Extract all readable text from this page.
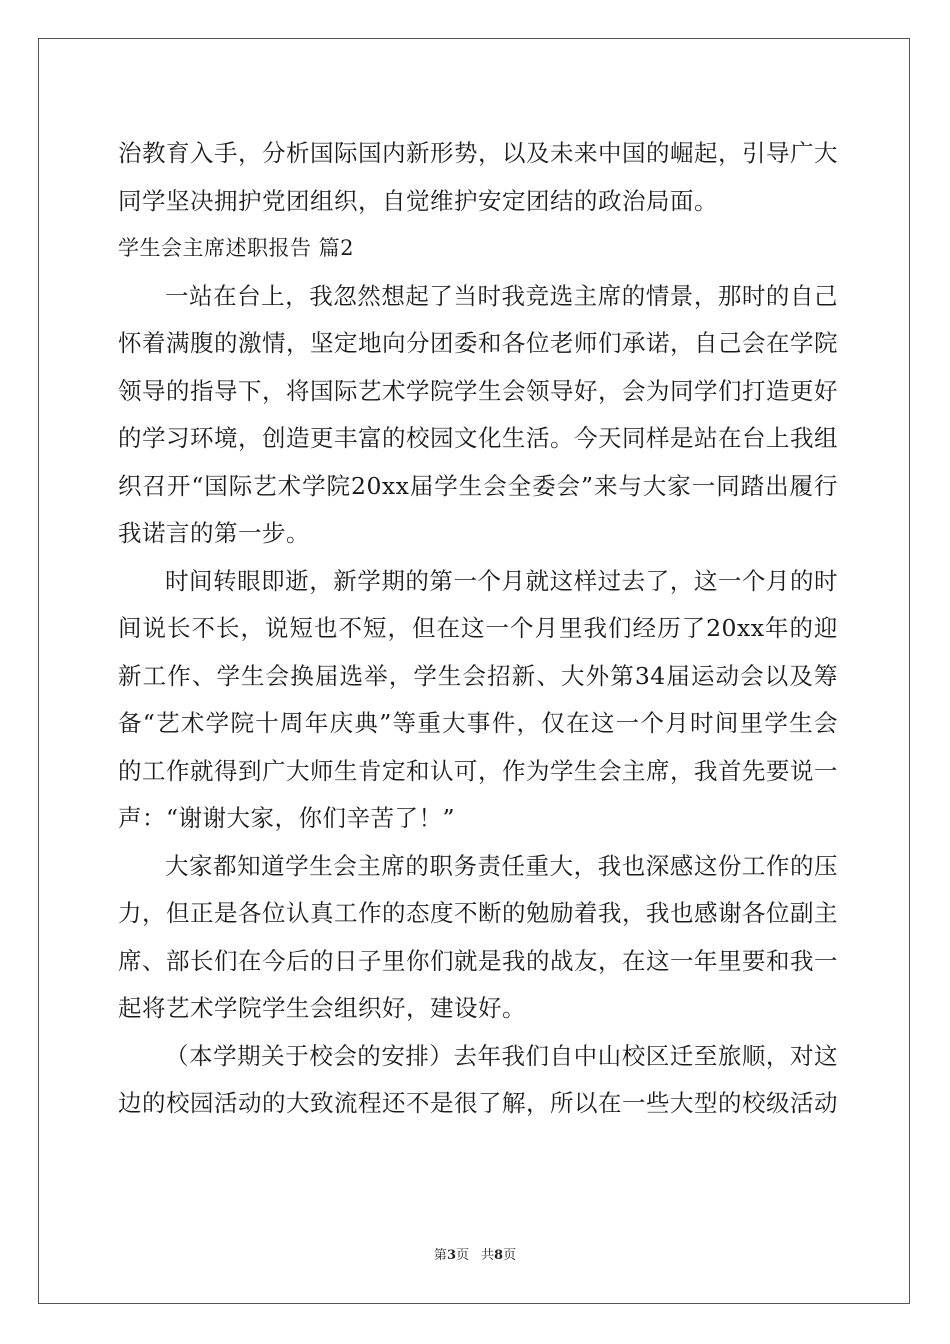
治教育入手，分析国际国内新形势，以及未来中国的崛起，引导广大同学坚决拥护党团组织，自觉维护安定团结的政治局面。

学生会主席述职报告 篇2

一站在台上，我忽然想起了当时我竞选主席的情景，那时的自己怀着满腹的激情，坚定地向分团委和各位老师们承诺，自己会在学院领导的指导下，将国际艺术学院学生会领导好，会为同学们打造更好的学习环境，创造更丰富的校园文化生活。今天同样是站在台上我组织召开“国际艺术学院20xx届学生会全委会”来与大家一同踏出履行我诺言的第一步。

时间转眼即逝，新学期的第一个月就这样过去了，这一个月的时间说长不长，说短也不短，但在这一个月里我们经历了20xx年的迎新工作、学生会换届选举，学生会招新、大外第34届运动会以及筹备“艺术学院十周年庆典”等重大事件，仅在这一个月时间里学生会的工作就得到广大师生肯定和认可，作为学生会主席，我首先要说一声：“谢谢大家，你们辛苦了！”

大家都知道学生会主席的职务责任重大，我也深感这份工作的压力，但正是各位认真工作的态度不断的勉励着我，我也感谢各位副主席、部长们在今后的日子里你们就是我的战友，在这一年里要和我一起将艺术学院学生会组织好，建设好。

（本学期关于校会的安排）去年我们自中山校区迁至旅顺，对这边的校园活动的大致流程还不是很了解，所以在一些大型的校级活动

第3页 共8页
